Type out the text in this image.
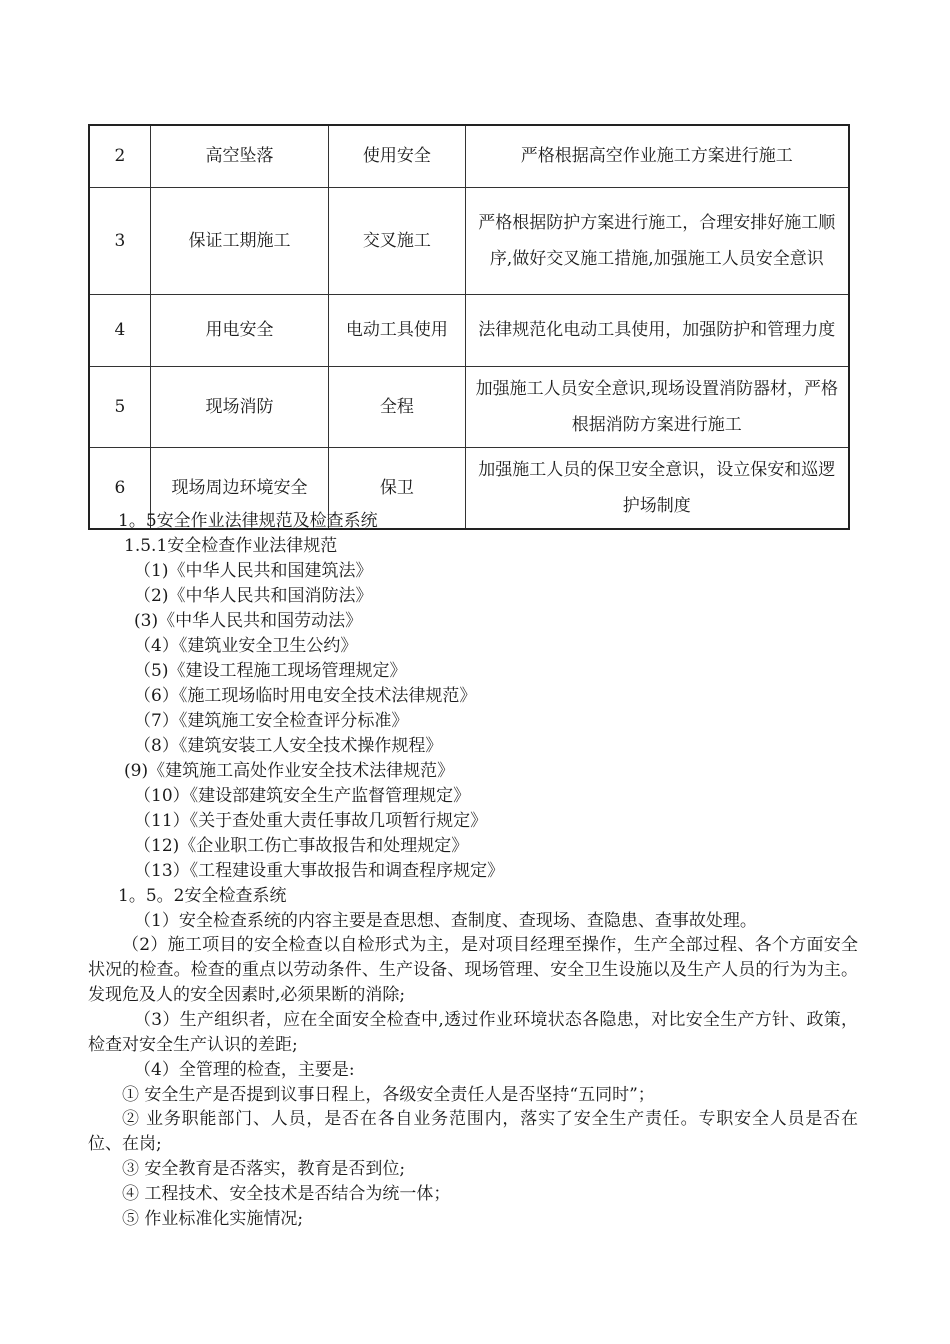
2	高空坠落	使用安全	严格根据高空作业施工方案进行施工
3	保证工期施工	交叉施工	严格根据防护方案进行施工，合理安排好施工顺序,做好交叉施工措施,加强施工人员安全意识
4	用电安全	电动工具使用	法律规范化电动工具使用，加强防护和管理力度
5	现场消防	全程	加强施工人员安全意识,现场设置消防器材，严格根据消防方案进行施工
6	现场周边环境安全	保卫	加强施工人员的保卫安全意识，设立保安和巡逻护场制度
1。5安全作业法律规范及检查系统
1.5.1安全检查作业法律规范
（1)《中华人民共和国建筑法》
（2)《中华人民共和国消防法》
(3)《中华人民共和国劳动法》
（4）《建筑业安全卫生公约》
（5)《建设工程施工现场管理规定》
（6）《施工现场临时用电安全技术法律规范》
（7）《建筑施工安全检查评分标准》
（8）《建筑安装工人安全技术操作规程》
(9)《建筑施工高处作业安全技术法律规范》
（10）《建设部建筑安全生产监督管理规定》
（11）《关于查处重大责任事故几项暂行规定》
（12)《企业职工伤亡事故报告和处理规定》
（13）《工程建设重大事故报告和调查程序规定》
1。5。2安全检查系统
（1）安全检查系统的内容主要是查思想、查制度、查现场、查隐患、查事故处理。
（2）施工项目的安全检查以自检形式为主，是对项目经理至操作，生产全部过程、各个方面安全状况的检查。检查的重点以劳动条件、生产设备、现场管理、安全卫生设施以及生产人员的行为为主。发现危及人的安全因素时,必须果断的消除;
（3）生产组织者，应在全面安全检查中,透过作业环境状态各隐患，对比安全生产方针、政策，检查对安全生产认识的差距;
（4）全管理的检查，主要是:
① 安全生产是否提到议事日程上，各级安全责任人是否坚持“五同时”；
② 业务职能部门、人员，是否在各自业务范围内，落实了安全生产责任。专职安全人员是否在位、在岗;
③ 安全教育是否落实，教育是否到位;
④ 工程技术、安全技术是否结合为统一体；
⑤ 作业标准化实施情况;
